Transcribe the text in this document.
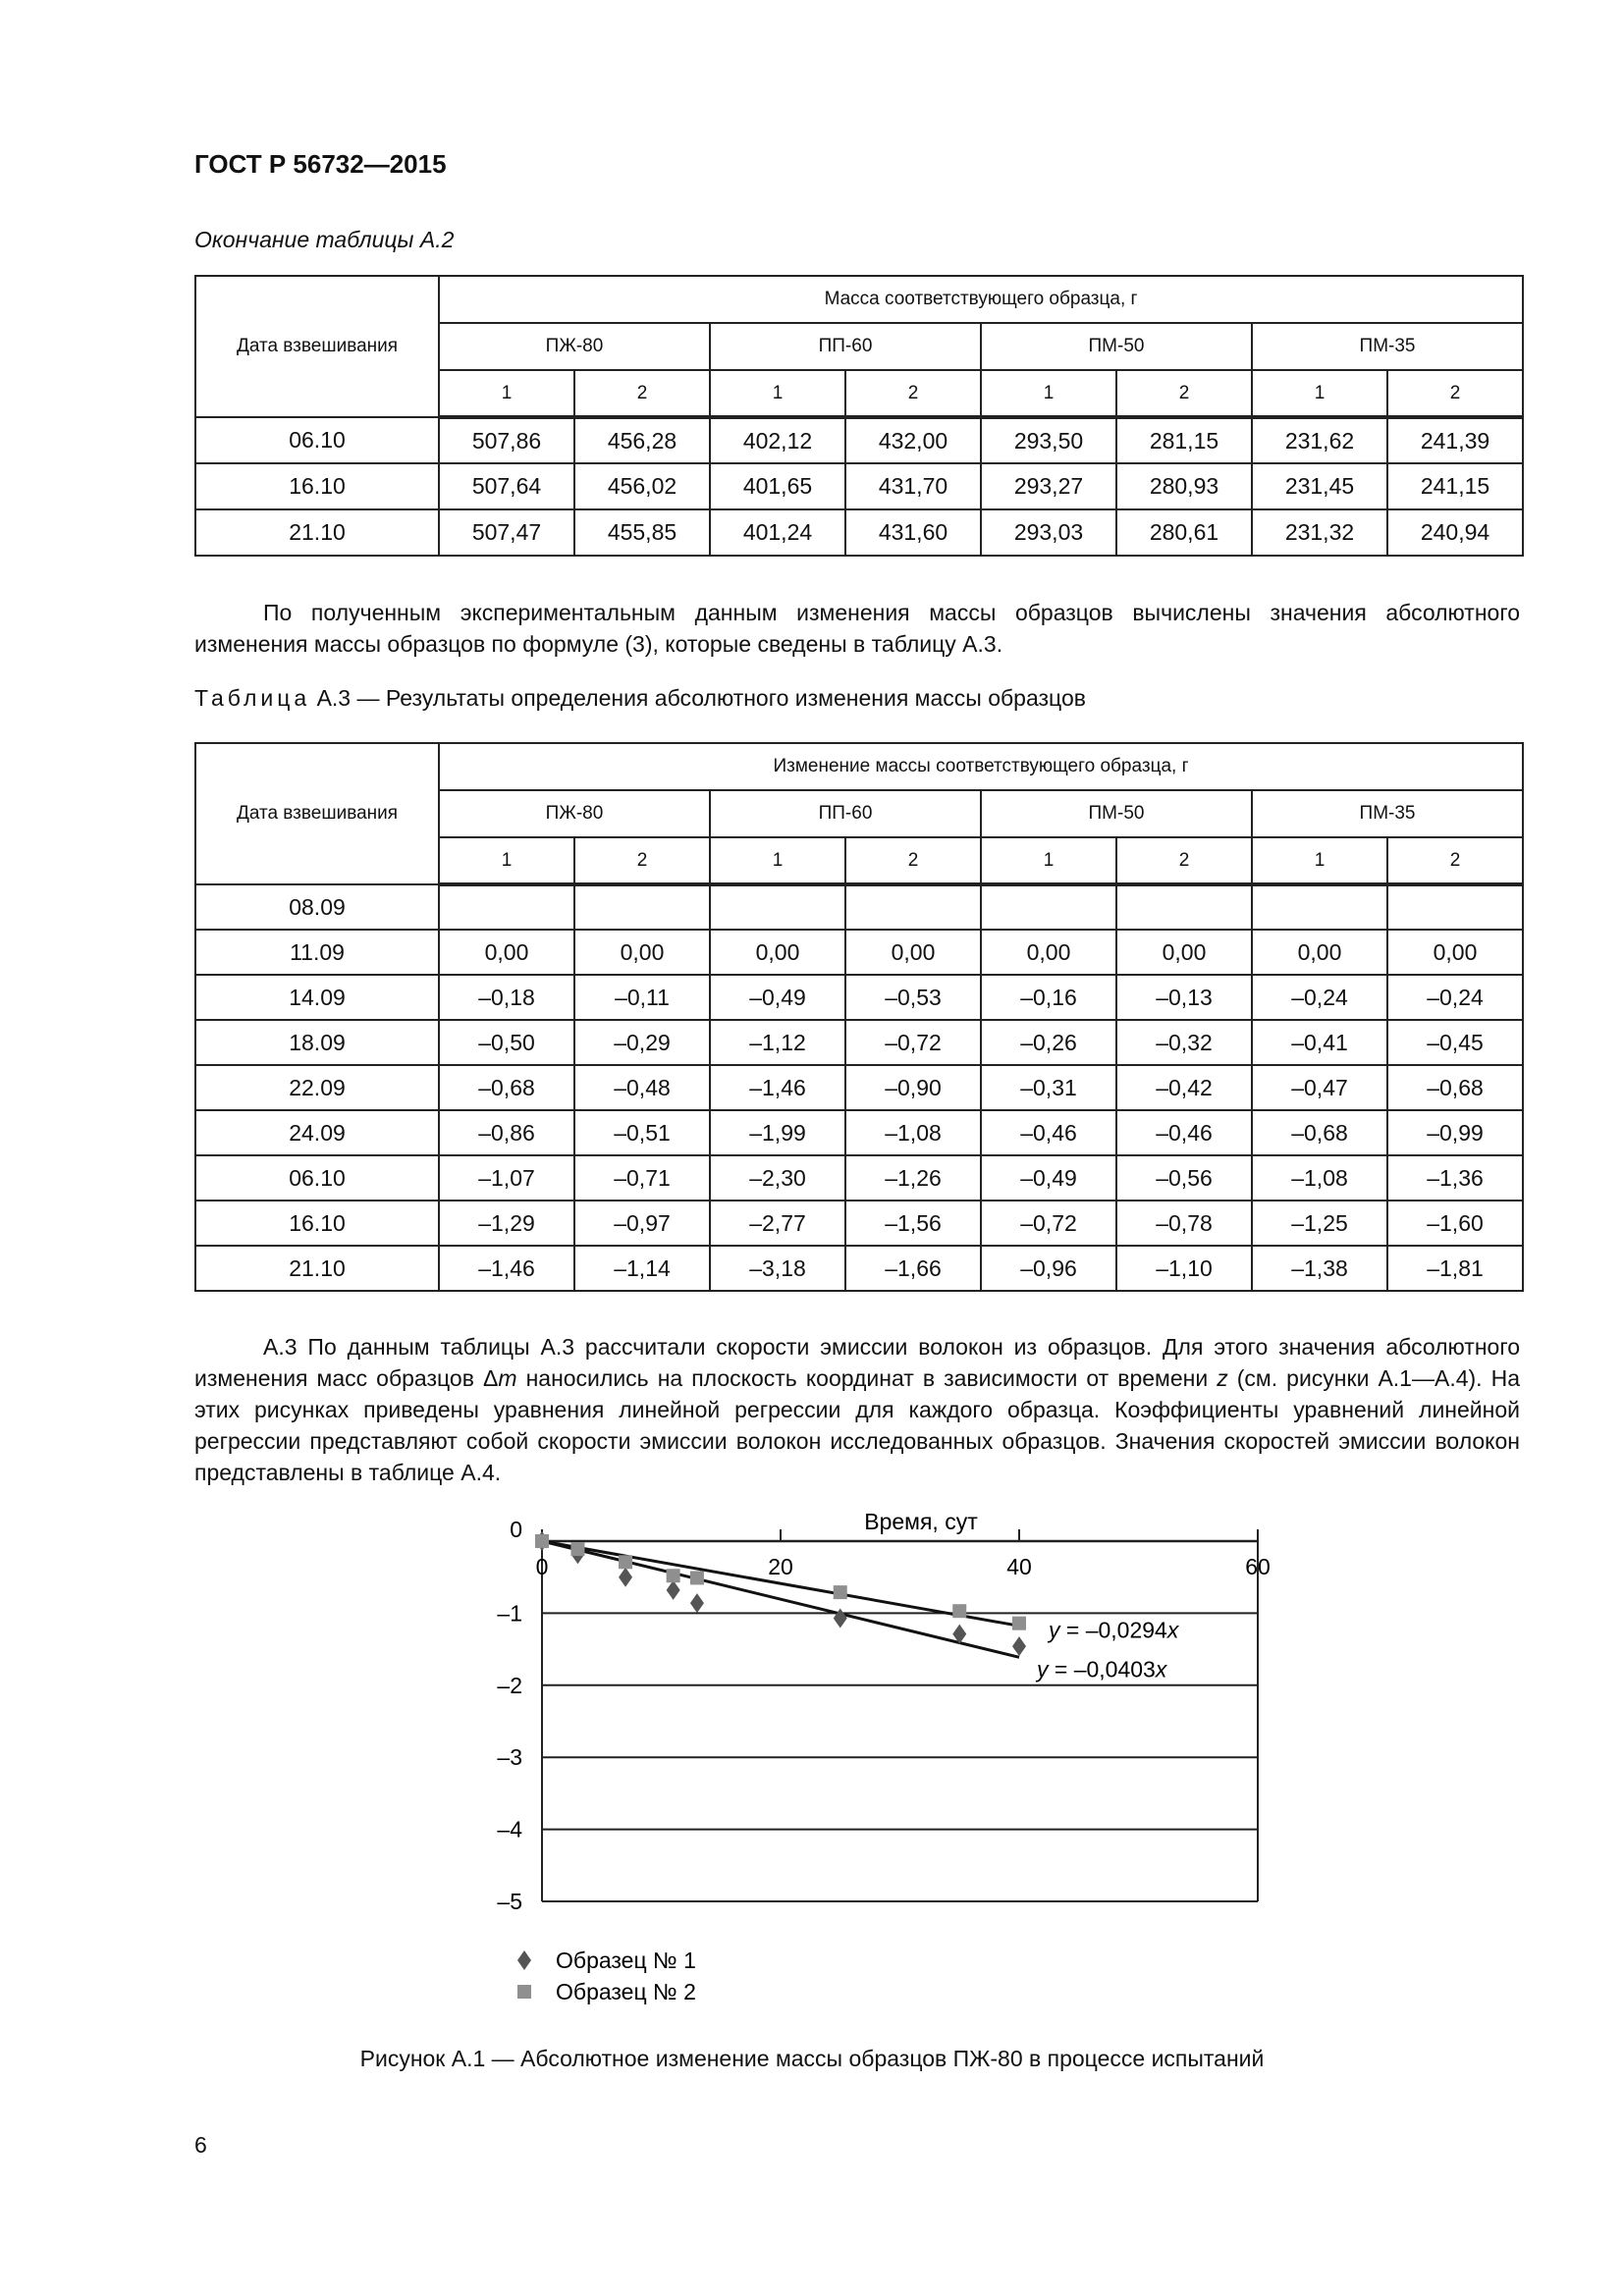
ГОСТ Р 56732—2015
Окончание таблицы А.2
Дата взвешивания	Масса соответствующего образца, г							
	ПЖ-80		ПП-60		ПМ-50		ПМ-35	
	1	2	1	2	1	2	1	2
06.10	507,86	456,28	402,12	432,00	293,50	281,15	231,62	241,39
16.10	507,64	456,02	401,65	431,70	293,27	280,93	231,45	241,15
21.10	507,47	455,85	401,24	431,60	293,03	280,61	231,32	240,94

По полученным экспериментальным данным изменения массы образцов вычислены значения абсолютного изменения массы образцов по формуле (3), которые сведены в таблицу А.3.

Таблица А.3 — Результаты определения абсолютного изменения массы образцов
Дата взвешивания	Изменение массы соответствующего образца, г							
	ПЖ-80		ПП-60		ПМ-50		ПМ-35	
	1	2	1	2	1	2	1	2
08.09								
11.09	0,00	0,00	0,00	0,00	0,00	0,00	0,00	0,00
14.09	–0,18	–0,11	–0,49	–0,53	–0,16	–0,13	–0,24	–0,24
18.09	–0,50	–0,29	–1,12	–0,72	–0,26	–0,32	–0,41	–0,45
22.09	–0,68	–0,48	–1,46	–0,90	–0,31	–0,42	–0,47	–0,68
24.09	–0,86	–0,51	–1,99	–1,08	–0,46	–0,46	–0,68	–0,99
06.10	–1,07	–0,71	–2,30	–1,26	–0,49	–0,56	–1,08	–1,36
16.10	–1,29	–0,97	–2,77	–1,56	–0,72	–0,78	–1,25	–1,60
21.10	–1,46	–1,14	–3,18	–1,66	–0,96	–1,10	–1,38	–1,81

А.3 По данным таблицы А.3 рассчитали скорости эмиссии волокон из образцов. Для этого значения абсолютного изменения масс образцов Δm наносились на плоскость координат в зависимости от времени z (см. рисунки А.1—А.4). На этих рисунках приведены уравнения линейной регрессии для каждого образца. Коэффициенты уравнений линейной регрессии представляют собой скорости эмиссии волокон исследованных образцов. Значения скоростей эмиссии волокон представлены в таблице А.4.

Время, сут
0
–1
–2
–3
–4
–5
0	20	40	60
y = –0,0294x
y = –0,0403x
Образец № 1
Образец № 2
Рисунок А.1 — Абсолютное изменение массы образцов ПЖ-80 в процессе испытаний
6
